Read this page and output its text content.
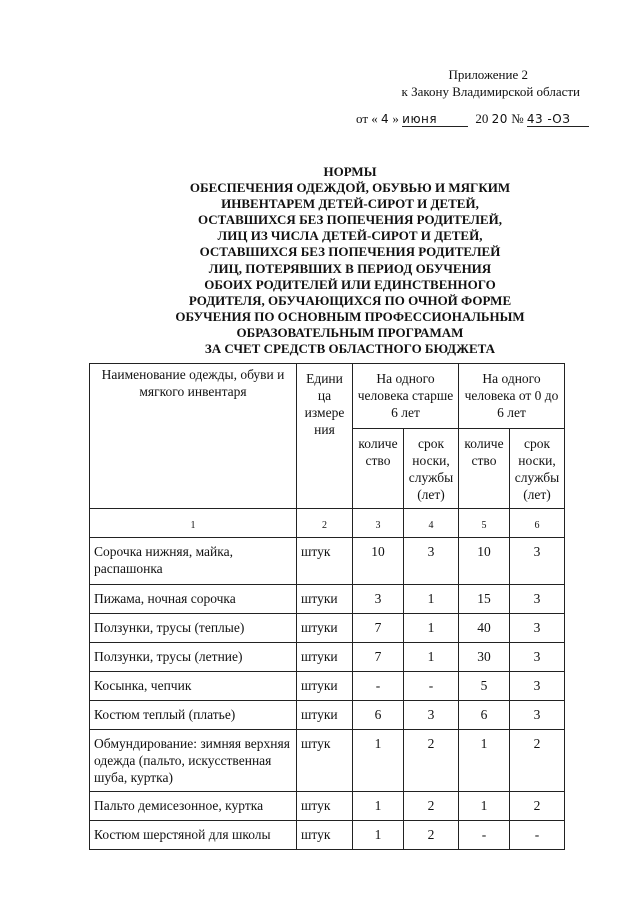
Приложение 2
к Закону Владимирской области
от « 4 » июня	20 20 № 43 -ОЗ
НОРМЫ
ОБЕСПЕЧЕНИЯ ОДЕЖДОЙ, ОБУВЬЮ И МЯГКИМ
ИНВЕНТАРЕМ ДЕТЕЙ-СИРОТ И ДЕТЕЙ,
ОСТАВШИХСЯ БЕЗ ПОПЕЧЕНИЯ РОДИТЕЛЕЙ,
ЛИЦ ИЗ ЧИСЛА ДЕТЕЙ-СИРОТ И ДЕТЕЙ,
ОСТАВШИХСЯ БЕЗ ПОПЕЧЕНИЯ РОДИТЕЛЕЙ
ЛИЦ, ПОТЕРЯВШИХ В ПЕРИОД ОБУЧЕНИЯ
ОБОИХ РОДИТЕЛЕЙ ИЛИ ЕДИНСТВЕННОГО
РОДИТЕЛЯ, ОБУЧАЮЩИХСЯ ПО ОЧНОЙ ФОРМЕ
ОБУЧЕНИЯ ПО ОСНОВНЫМ ПРОФЕССИОНАЛЬНЫМ
ОБРАЗОВАТЕЛЬНЫМ ПРОГРАМАМ
ЗА СЧЕТ СРЕДСТВ ОБЛАСТНОГО БЮДЖЕТА
Наименование одежды, обуви и мягкого инвентаря	Едини ца измере ния	На одного человека старше 6 лет		На одного человека от 0 до 6 лет	
		количе ство	срок носки, службы (лет)	количе ство	срок носки, службы (лет)
1	2	3	4	5	6
Сорочка нижняя, майка, распашонка	штук	10	3	10	3
Пижама, ночная сорочка	штуки	3	1	15	3
Ползунки, трусы (теплые)	штуки	7	1	40	3
Ползунки, трусы (летние)	штуки	7	1	30	3
Косынка, чепчик	штуки	-	-	5	3
Костюм теплый (платье)	штуки	6	3	6	3
Обмундирование: зимняя верхняя одежда (пальто, искусственная шуба, куртка)	штук	1	2	1	2
Пальто демисезонное, куртка	штук	1	2	1	2
Костюм шерстяной для школы	штук	1	2	-	-
